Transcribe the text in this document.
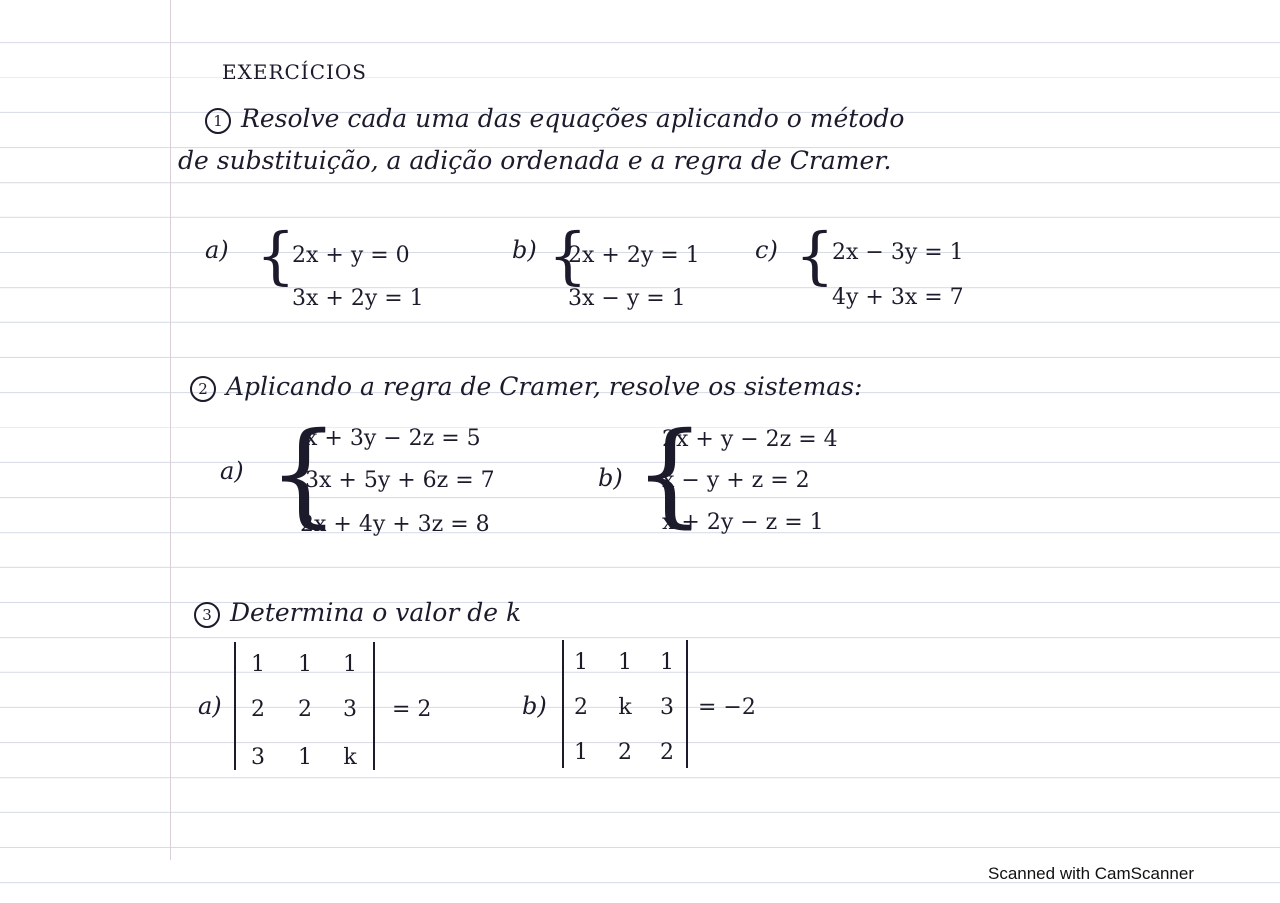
EXERCÍCIOS
1 Resolve cada uma das equações aplicando o método
de substituição, a adição ordenada e a regra de Cramer.
a) {
2x + y = 0
3x + 2y = 1
b) {
2x + 2y = 1
3x − y = 1
c) {
2x − 3y = 1
4y + 3x = 7
2 Aplicando a regra de Cramer, resolve os sistemas:
a) {
x + 3y − 2z = 5
3x + 5y + 6z = 7
2x + 4y + 3z = 8
b) {
2x + y − 2z = 4
x − y + z = 2
x + 2y − z = 1
3 Determina o valor de k
a)
1	1	1
2	2	3
3	1	k
= 2	b)
1	1	1
2	k	3
1	2	2
= −2
Scanned with CamScanner
